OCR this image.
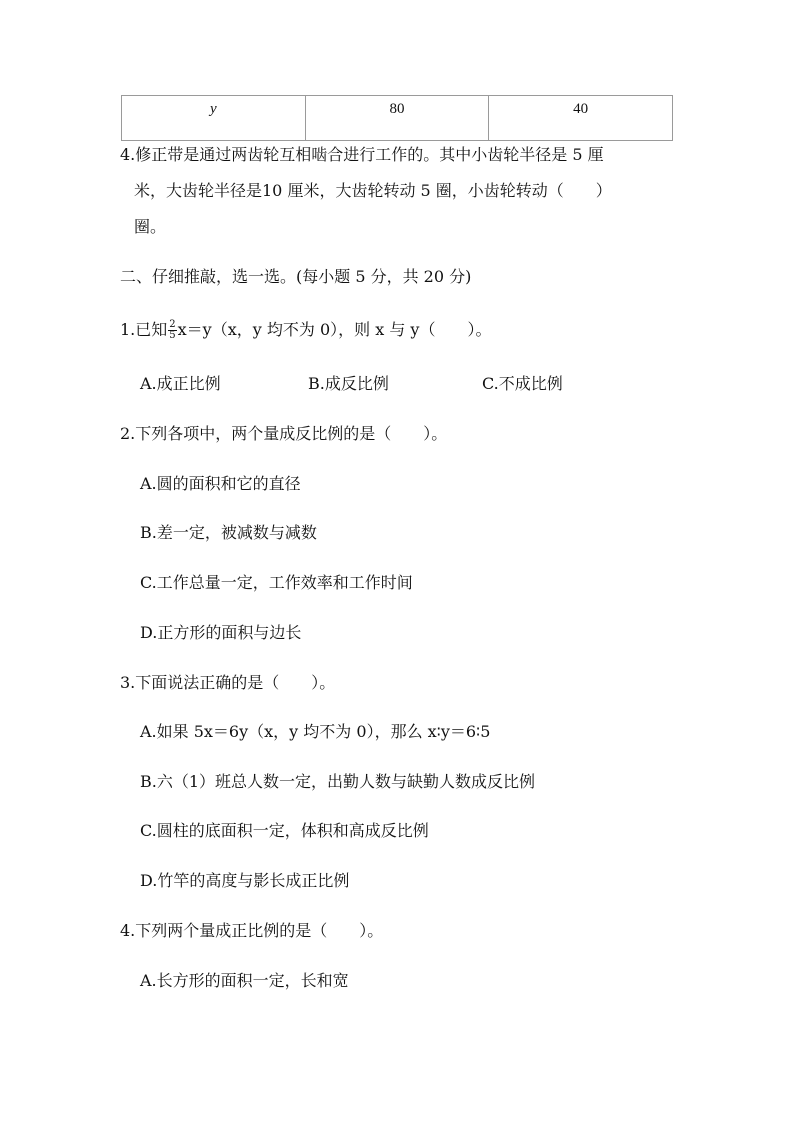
y	80	40
4.修正带是通过两齿轮互相啮合进行工作的。其中小齿轮半径是 5 厘
米，大齿轮半径是10 厘米，大齿轮转动 5 圈，小齿轮转动（　　）
圈。
二、仔细推敲，选一选。(每小题 5 分，共 20 分)
1.已知 $\frac{2}{5} x=y(x$，y 均不为 0），则 x 与 y（　　）。
A.成正比例	B.成反比例	C.不成比例
2.下列各项中，两个量成反比例的是（　　）。
A.圆的面积和它的直径
B.差一定，被减数与减数
C.工作总量一定，工作效率和工作时间
D.正方形的面积与边长
3.下面说法正确的是（　　）。
A.如果 5x＝6y（x，y 均不为 0），那么 x∶y＝6∶5
B.六（1）班总人数一定，出勤人数与缺勤人数成反比例
C.圆柱的底面积一定，体积和高成反比例
D.竹竿的高度与影长成正比例
4.下列两个量成正比例的是（　　）。
A.长方形的面积一定，长和宽
